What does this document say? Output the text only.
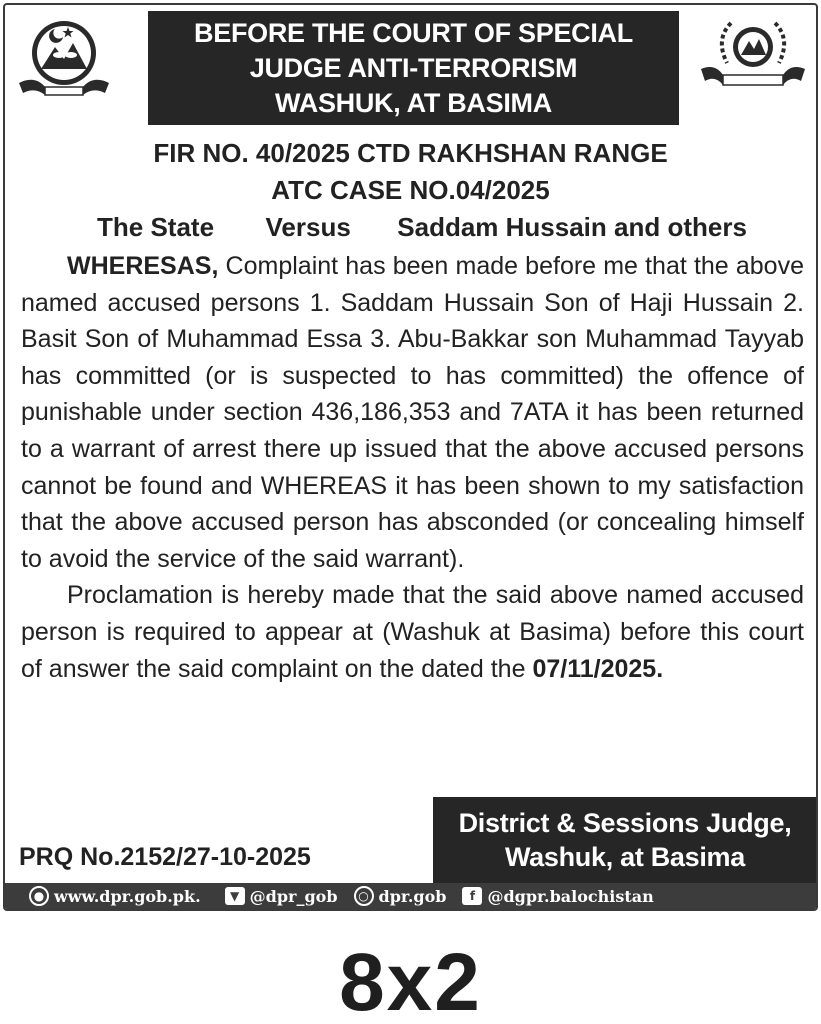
BEFORE THE COURT OF SPECIAL
JUDGE ANTI-TERRORISM
WASHUK, AT BASIMA
FIR NO. 40/2025 CTD RAKHSHAN RANGE
ATC CASE NO.04/2025
The State Versus Saddam Hussain and others

WHERESAS, Complaint has been made before me that the above named accused persons 1. Saddam Hussain Son of Haji Hussain 2. Basit Son of Muhammad Essa 3. Abu-Bakkar son Muhammad Tayyab has committed (or is suspected to has committed) the offence of punishable under section 436,186,353 and 7ATA it has been returned to a warrant of arrest there up issued that the above accused persons cannot be found and WHEREAS it has been shown to my satisfaction that the above accused person has absconded (or concealing himself to avoid the service of the said warrant).

Proclamation is hereby made that the said above named accused person is required to appear at (Washuk at Basima) before this court of answer the said complaint on the dated the 07/11/2025.

PRQ No.2152/27-10-2025
District & Sessions Judge,
Washuk, at Basima
● www.dpr.gob.pk.	▼ @dpr_gob	○ dpr.gob	f @dgpr.balochistan
8x2
